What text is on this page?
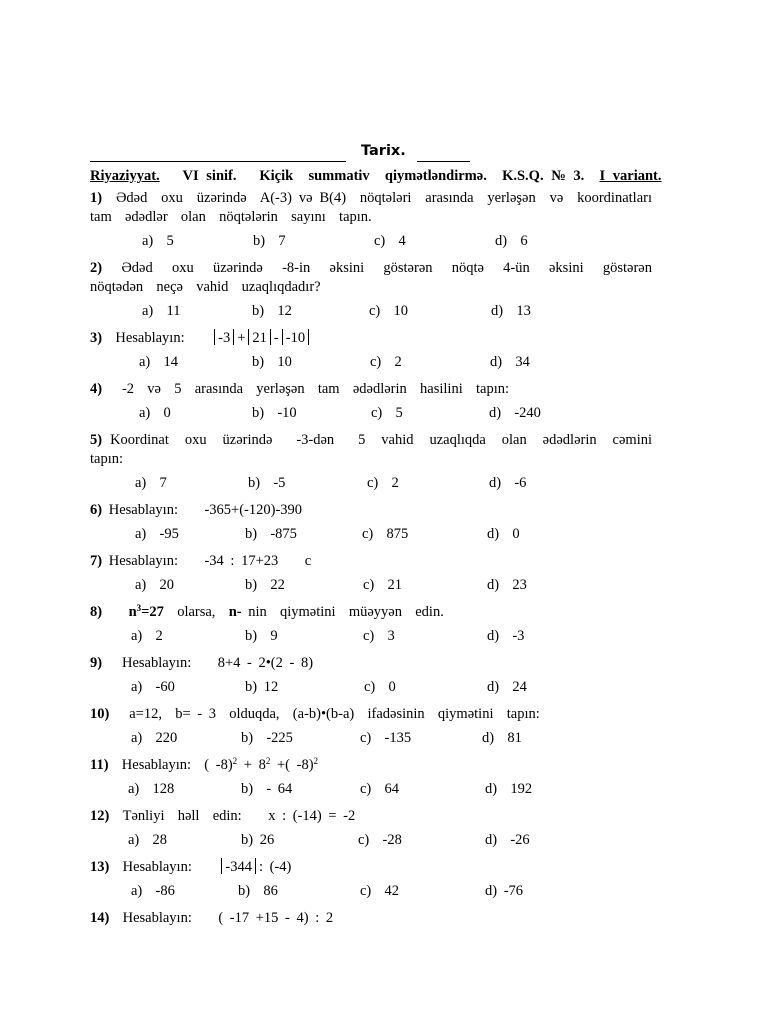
Tarix.
Riyaziyyat. VI sinif.   Kiçik  summativ  qiymətləndirmə.  K.S.Q. № 3. I variant.
1) Ədəd  oxu  üzərində  A(-3) və B(4)  nöqtələri  arasında  yerləşən  və  koordinatları  tam  ədədlər  olan  nöqtələrin  sayını  tapın.
a)  5	b)  7	c)  4	d)  6
2) Ədəd  oxu  üzərində  -8-in  əksini  göstərən  nöqtə  4-ün  əksini  göstərən  nöqtədən  neçə  vahid  uzaqlıqdadır?
a)  11	b)  12	c)  10	d)  13
3) Hesablayın: -3 + 21 - -10
a)  14	b)  10	c)  2	d)  34
4) -2  və  5  arasında  yerləşən  tam  ədədlərin  hasilini  tapın:
a)  0	b)  -10	c)  5	d)  -240
5) Koordinat  oxu  üzərində   -3-dən   5  vahid  uzaqlıqda  olan  ədədlərin  cəmini  tapın:
a)  7	b)  -5	c)  2	d)  -6
6) Hesablayın:    -365+(-120)-390
a)  -95	b)  -875	c)  875	d)  0
7) Hesablayın:    -34 : 17+23    c
a)  20	b)  22	c)  21	d)  23
8) $n^3=27$ olarsa, n- nin  qiymətini  müəyyən  edin.
a)  2	b)  9	c)  3	d)  -3
9) Hesablayın:    8+4 - 2•(2 - 8)
a)  -60	b) 12	c)  0	d)  24
10) a=12,  b= - 3  olduqda,  (a-b)•(b-a)  ifadəsinin  qiymətini  tapın:
a)  220	b)  -225	c)  -135	d)  81
11) Hesablayın:  ( $-8)^2 + 8^2$ +( -8)$^2$
a)  128	b)  - 64	c)  64	d)  192
12) Tənliyi  həll  edin:    x : (-14) = -2
a)  28	b) 26	c)  -28	d)  -26
13) Hesablayın: -344 : (-4)
a)  -86	b)  86	c)  42	d) -76
14) Hesablayın:    ( -17 +15 - 4) : 2
